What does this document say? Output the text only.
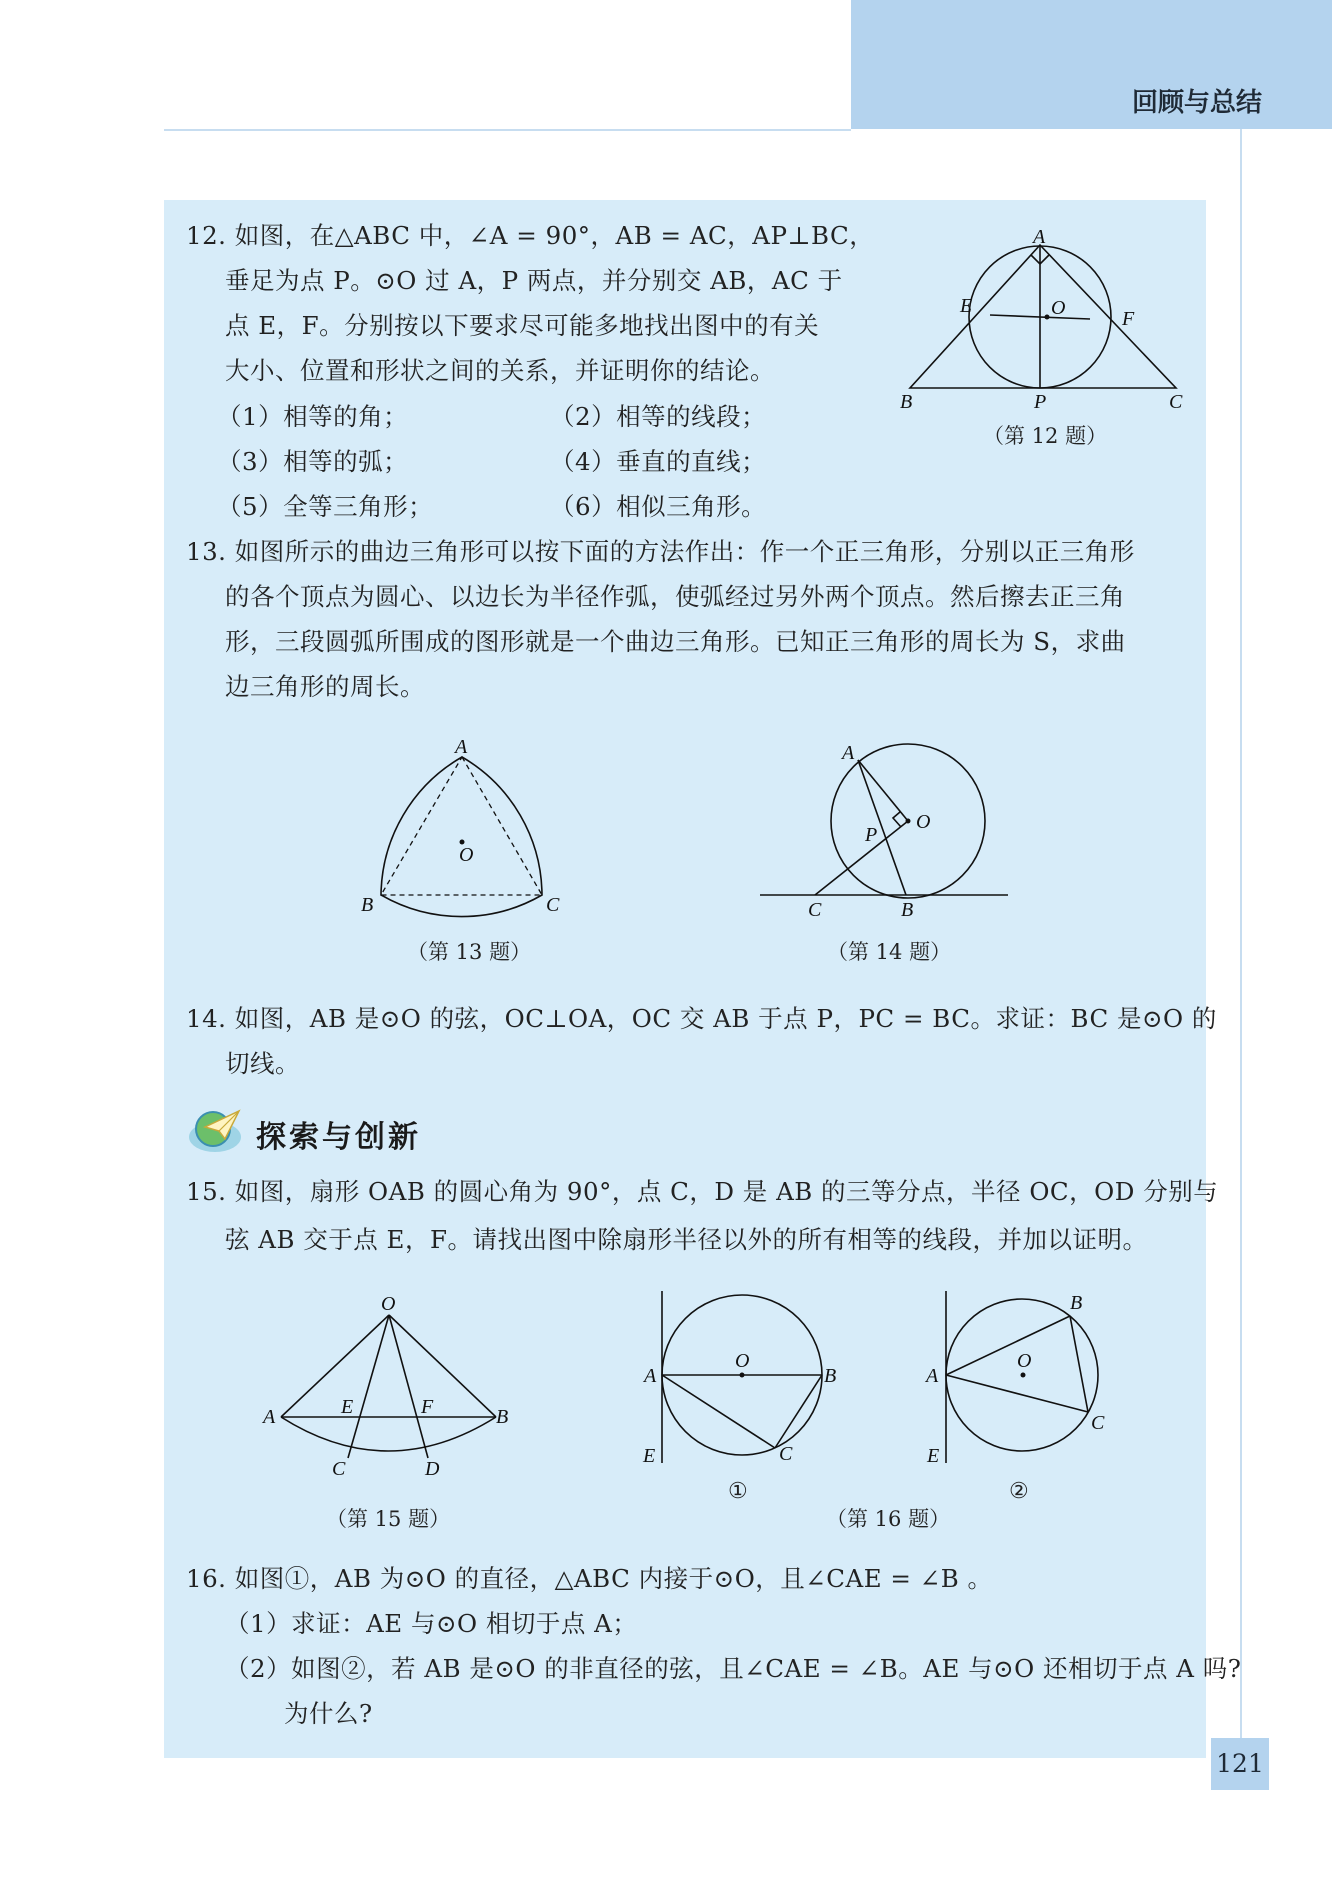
回顾与总结
12. 如图，在△ABC 中，∠A = 90°，AB = AC，AP⊥BC，
垂足为点 P。⊙O 过 A，P 两点，并分别交 AB，AC 于
点 E，F。分别按以下要求尽可能多地找出图中的有关
大小、位置和形状之间的关系，并证明你的结论。
（1）相等的角；	（2）相等的线段；
（3）相等的弧；	（4）垂直的直线；
（5）全等三角形；	（6）相似三角形。
A
E	O	F
B	P	C
（第 12 题）
13. 如图所示的曲边三角形可以按下面的方法作出：作一个正三角形，分别以正三角形
的各个顶点为圆心、以边长为半径作弧，使弧经过另外两个顶点。然后擦去正三角
形，三段圆弧所围成的图形就是一个曲边三角形。已知正三角形的周长为 S，求曲
边三角形的周长。
A
O
B	C
（第 13 题）
A
P
O
C	B
（第 14 题）
14. 如图，AB 是⊙O 的弦，OC⊥OA，OC 交 AB 于点 P，PC = BC。求证：BC 是⊙O 的
切线。
探索与创新
15. 如图，扇形 OAB 的圆心角为 90°，点 C，D 是 AB 的三等分点，半径 OC，OD 分别与
弦 AB 交于点 E，F。请找出图中除扇形半径以外的所有相等的线段，并加以证明。
O
A	E	F	B
C	D
（第 15 题）
O
A	B
E	C
①
B
O
A
C
E
②
（第 16 题）
16. 如图①，AB 为⊙O 的直径，△ABC 内接于⊙O，且∠CAE = ∠B 。
（1）求证：AE 与⊙O 相切于点 A；
（2）如图②，若 AB 是⊙O 的非直径的弦，且∠CAE = ∠B。AE 与⊙O 还相切于点 A 吗?
为什么?
121
